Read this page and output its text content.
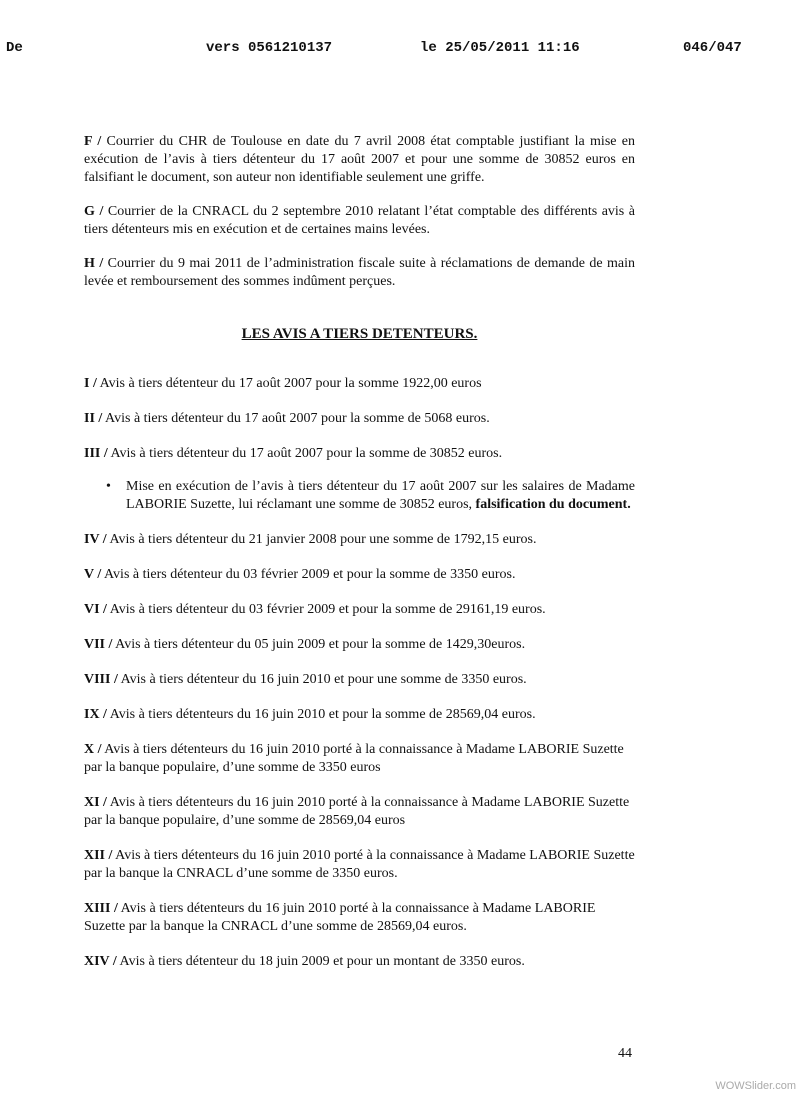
De	vers 0561210137	le 25/05/2011 11:16	046/047

F / Courrier du CHR de Toulouse en date du 7 avril 2008 état comptable justifiant la mise en exécution de l’avis à tiers détenteur du 17 août 2007 et pour une somme de 30852 euros en falsifiant le document, son auteur non identifiable seulement une griffe.

G / Courrier de la CNRACL du 2 septembre 2010 relatant l’état comptable des différents avis à tiers détenteurs mis en exécution et de certaines mains levées.

H / Courrier du 9 mai 2011 de l’administration fiscale suite à réclamations de demande de main levée et remboursement des sommes indûment perçues.

LES AVIS A TIERS DETENTEURS.

I / Avis à tiers détenteur du 17 août 2007 pour la somme 1922,00 euros

II / Avis à tiers détenteur du 17 août 2007 pour la somme de 5068 euros.

III / Avis à tiers détenteur du 17 août 2007 pour la somme de 30852 euros.

• Mise en exécution de l’avis à tiers détenteur du 17 août 2007 sur les salaires de Madame LABORIE Suzette, lui réclamant une somme de 30852 euros, falsification du document.

IV / Avis à tiers détenteur du 21 janvier 2008 pour une somme de 1792,15 euros.

V / Avis à tiers détenteur du 03 février 2009 et pour la somme de 3350 euros.

VI / Avis à tiers détenteur du 03 février 2009 et pour la somme de 29161,19 euros.

VII / Avis à tiers détenteur du 05 juin 2009 et pour la somme de 1429,30euros.

VIII / Avis à tiers détenteur du 16 juin 2010 et pour une somme de 3350 euros.

IX / Avis à tiers détenteurs du 16 juin 2010 et pour la somme de 28569,04 euros.

X / Avis à tiers détenteurs du 16 juin 2010 porté à la connaissance à Madame LABORIE Suzette par la banque populaire, d’une somme de 3350 euros

XI / Avis à tiers détenteurs du 16 juin 2010 porté à la connaissance à Madame LABORIE Suzette par la banque populaire, d’une somme de 28569,04 euros

XII / Avis à tiers détenteurs du 16 juin 2010 porté à la connaissance à Madame LABORIE Suzette par la banque la CNRACL d’une somme de 3350 euros.

XIII / Avis à tiers détenteurs du 16 juin 2010 porté à la connaissance à Madame LABORIE Suzette par la banque la CNRACL d’une somme de 28569,04 euros.

XIV / Avis à tiers détenteur du 18 juin 2009 et pour un montant de 3350 euros.

44
WOWSlider.com
